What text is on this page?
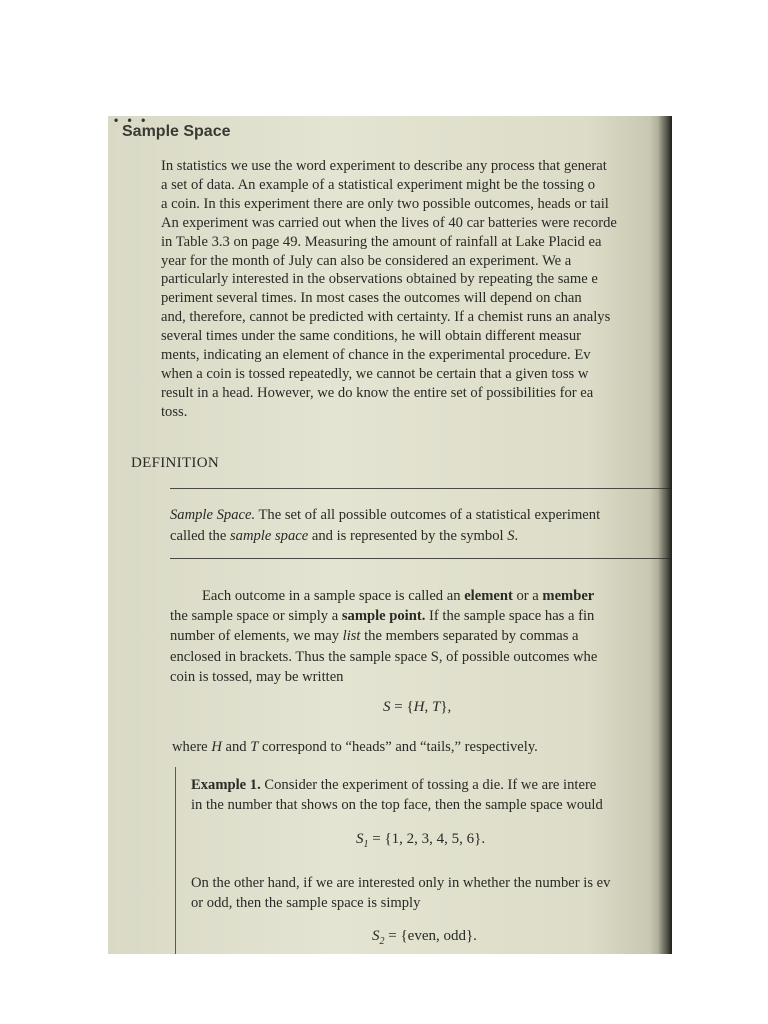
• • •
Sample Space
In statistics we use the word experiment to describe any process that generat
a set of data. An example of a statistical experiment might be the tossing o
a coin. In this experiment there are only two possible outcomes, heads or tail
An experiment was carried out when the lives of 40 car batteries were recorde
in Table 3.3 on page 49. Measuring the amount of rainfall at Lake Placid ea
year for the month of July can also be considered an experiment. We a
particularly interested in the observations obtained by repeating the same e
periment several times. In most cases the outcomes will depend on chan
and, therefore, cannot be predicted with certainty. If a chemist runs an analys
several times under the same conditions, he will obtain different measur
ments, indicating an element of chance in the experimental procedure. Ev
when a coin is tossed repeatedly, we cannot be certain that a given toss w
result in a head. However, we do know the entire set of possibilities for ea
toss.
DEFINITION
Sample Space. The set of all possible outcomes of a statistical experiment
called the sample space and is represented by the symbol S.
Each outcome in a sample space is called an element or a member
the sample space or simply a sample point. If the sample space has a fin
number of elements, we may list the members separated by commas a
enclosed in brackets. Thus the sample space S, of possible outcomes whe
coin is tossed, may be written
S = {H, T},
where H and T correspond to “heads” and “tails,” respectively.
Example 1. Consider the experiment of tossing a die. If we are intere
in the number that shows on the top face, then the sample space would
$S_1 = \{1$, 2, 3, 4, 5, 6}.
On the other hand, if we are interested only in whether the number is ev
or odd, then the sample space is simply
$S_2$ = {even, odd}.
